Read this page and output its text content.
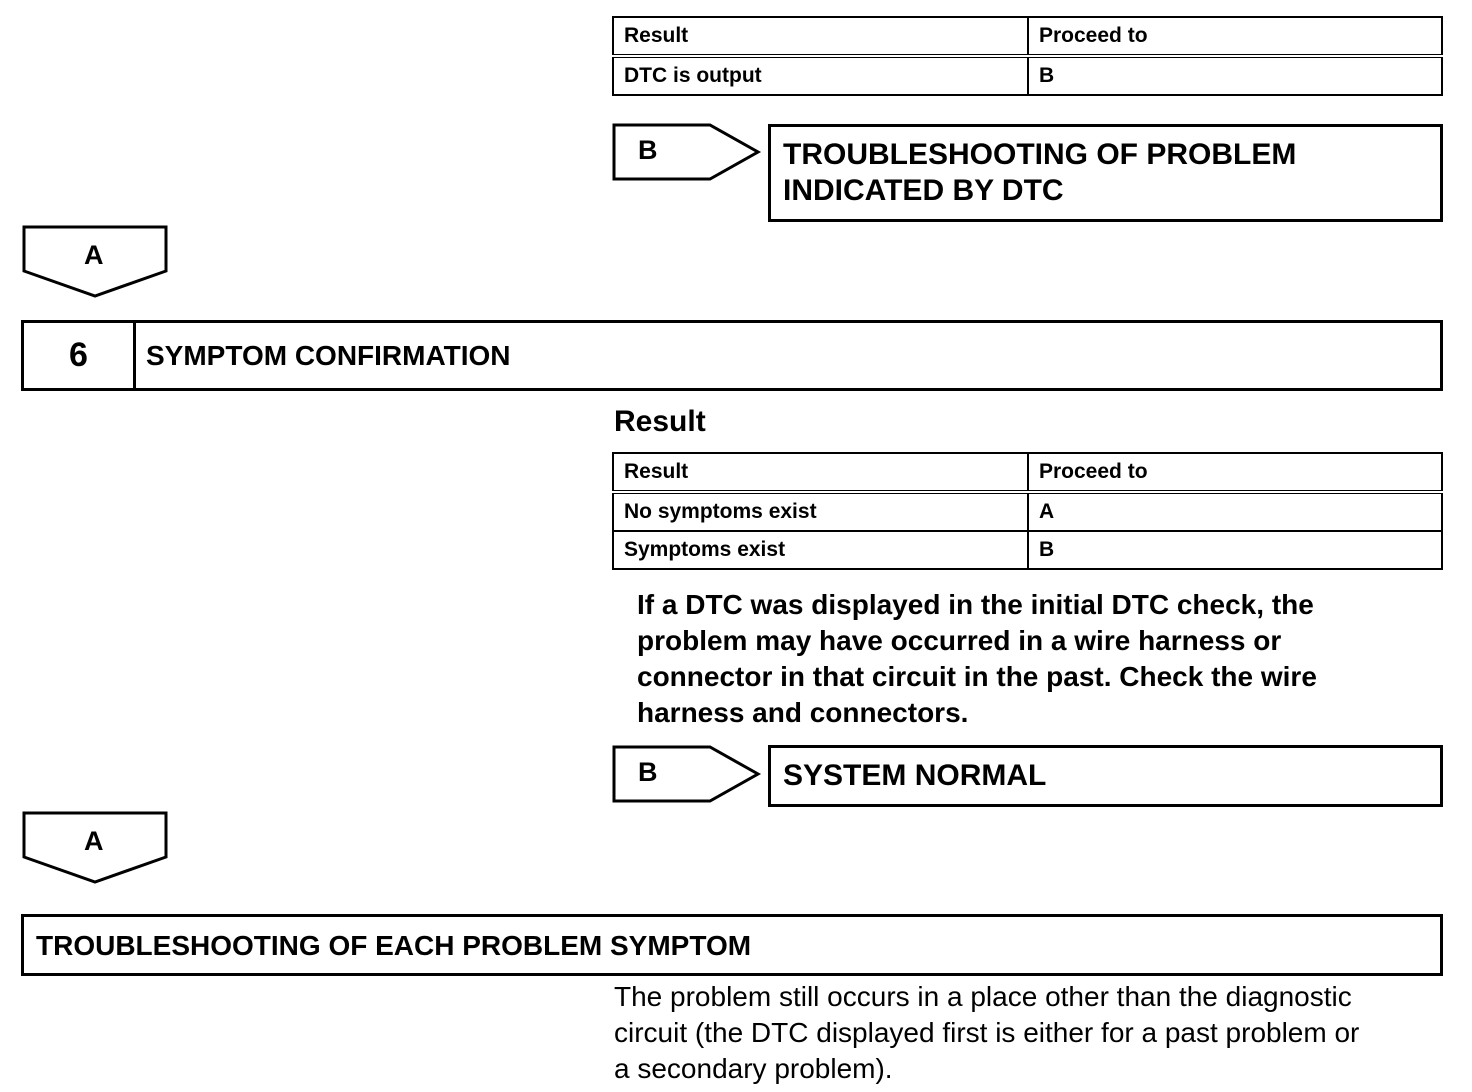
Result	Proceed to
DTC is output	B
B	TROUBLESHOOTING OF PROBLEM
INDICATED BY DTC
A
6	SYMPTOM CONFIRMATION
Result
Result	Proceed to
No symptoms exist	A
Symptoms exist	B
If a DTC was displayed in the initial DTC check, the
problem may have occurred in a wire harness or
connector in that circuit in the past. Check the wire
harness and connectors.
B	SYSTEM NORMAL
A
TROUBLESHOOTING OF EACH PROBLEM SYMPTOM
The problem still occurs in a place other than the diagnostic
circuit (the DTC displayed first is either for a past problem or
a secondary problem).
